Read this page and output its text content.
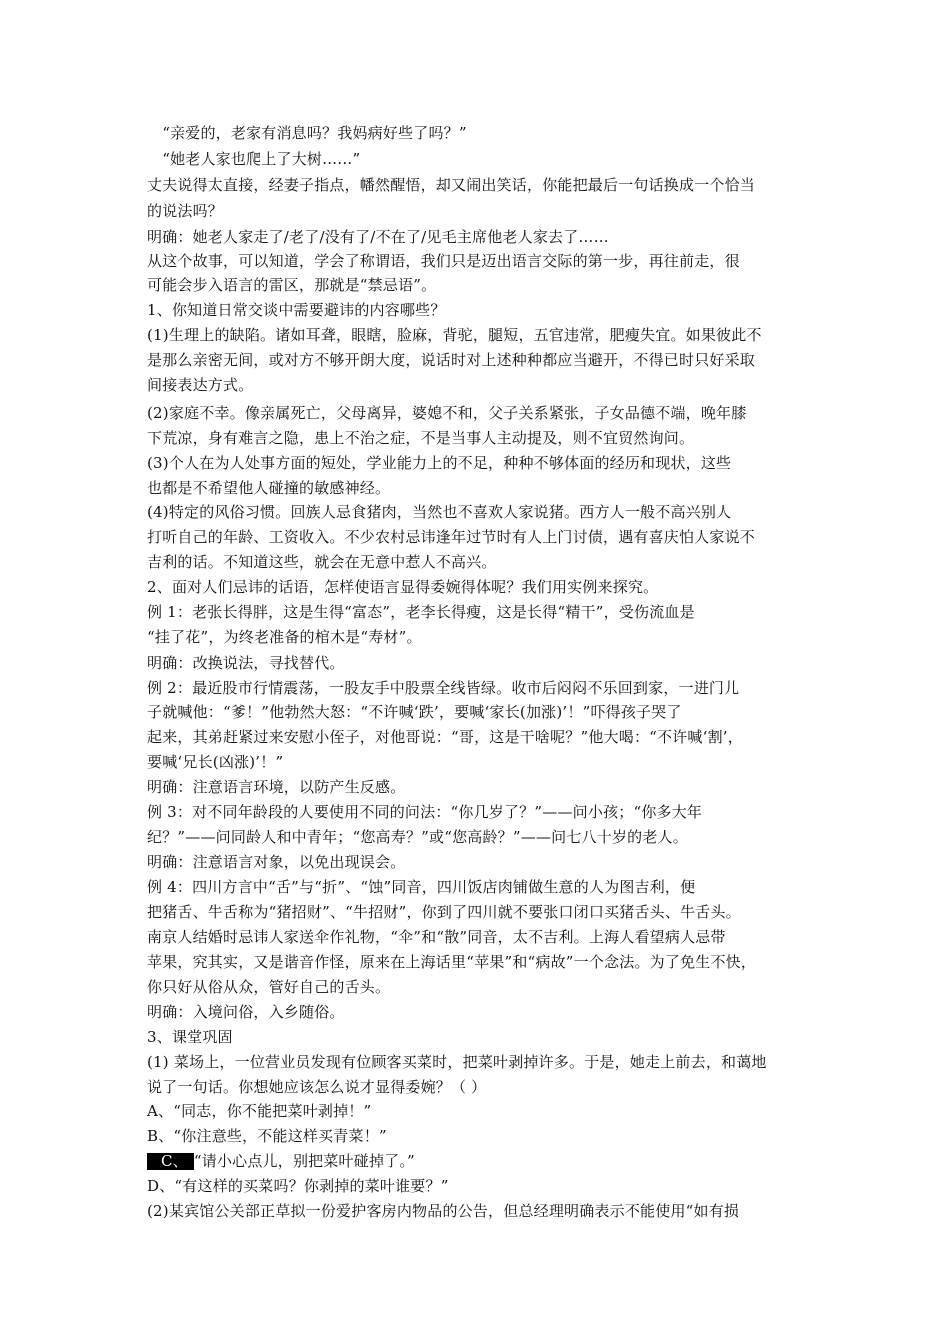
　“亲爱的，老家有消息吗？我妈病好些了吗？”
　“她老人家也爬上了大树……”
丈夫说得太直接，经妻子指点，幡然醒悟，却又闹出笑话，你能把最后一句话换成一个恰当
的说法吗？
明确：她老人家走了/老了/没有了/不在了/见毛主席他老人家去了……
从这个故事，可以知道，学会了称谓语，我们只是迈出语言交际的第一步，再往前走，很
可能会步入语言的雷区，那就是“禁忌语”。
1、你知道日常交谈中需要避讳的内容哪些？
(1)生理上的缺陷。诸如耳聋，眼瞎，脸麻，背驼，腿短，五官违常，肥瘦失宜。如果彼此不
是那么亲密无间，或对方不够开朗大度，说话时对上述种种都应当避开，不得已时只好采取
间接表达方式。
(2)家庭不幸。像亲属死亡，父母离异，婆媳不和，父子关系紧张，子女品德不端，晚年膝
下荒凉，身有难言之隐，患上不治之症，不是当事人主动提及，则不宜贸然询问。
(3)个人在为人处事方面的短处，学业能力上的不足，种种不够体面的经历和现状，这些
也都是不希望他人碰撞的敏感神经。
(4)特定的风俗习惯。回族人忌食猪肉，当然也不喜欢人家说猪。西方人一般不高兴别人
打听自己的年龄、工资收入。不少农村忌讳逢年过节时有人上门讨债，遇有喜庆怕人家说不
吉利的话。不知道这些，就会在无意中惹人不高兴。
2、面对人们忌讳的话语，怎样使语言显得委婉得体呢？我们用实例来探究。
例 1：老张长得胖，这是生得“富态”，老李长得瘦，这是长得“精干”，受伤流血是
“挂了花”，为终老准备的棺木是“寿材”。
明确：改换说法，寻找替代。
例 2：最近股市行情震荡，一股友手中股票全线皆绿。收市后闷闷不乐回到家，一进门儿
子就喊他：“爹！”他勃然大怒：“不许喊‘跌’，要喊‘家长(加涨)’！”吓得孩子哭了
起来，其弟赶紧过来安慰小侄子，对他哥说：“哥，这是干啥呢？”他大喝：“不许喊‘割’，
要喊‘兄长(凶涨)’！”
明确：注意语言环境，以防产生反感。
例 3：对不同年龄段的人要使用不同的问法：“你几岁了？”——问小孩；“你多大年
纪？”——问同龄人和中青年；“您高寿？”或“您高龄？”——问七八十岁的老人。
明确：注意语言对象，以免出现误会。
例 4：四川方言中“舌”与“折”、“蚀”同音，四川饭店肉铺做生意的人为图吉利，便
把猪舌、牛舌称为“猪招财”、“牛招财”，你到了四川就不要张口闭口买猪舌头、牛舌头。
南京人结婚时忌讳人家送伞作礼物，“伞”和“散”同音，太不吉利。上海人看望病人忌带
苹果，究其实，又是谐音作怪，原来在上海话里“苹果”和“病故”一个念法。为了免生不快，
你只好从俗从众，管好自己的舌头。
明确：入境问俗，入乡随俗。
3、课堂巩固
(1) 菜场上，一位营业员发现有位顾客买菜时，把菜叶剥掉许多。于是，她走上前去，和蔼地
说了一句话。你想她应该怎么说才显得委婉？（ ）
A、“同志，你不能把菜叶剥掉！”
B、“你注意些，不能这样买青菜！”
C、 “请小心点儿，别把菜叶碰掉了。”
D、“有这样的买菜吗？你剥掉的菜叶谁要？”
(2)某宾馆公关部正草拟一份爱护客房内物品的公告，但总经理明确表示不能使用“如有损
